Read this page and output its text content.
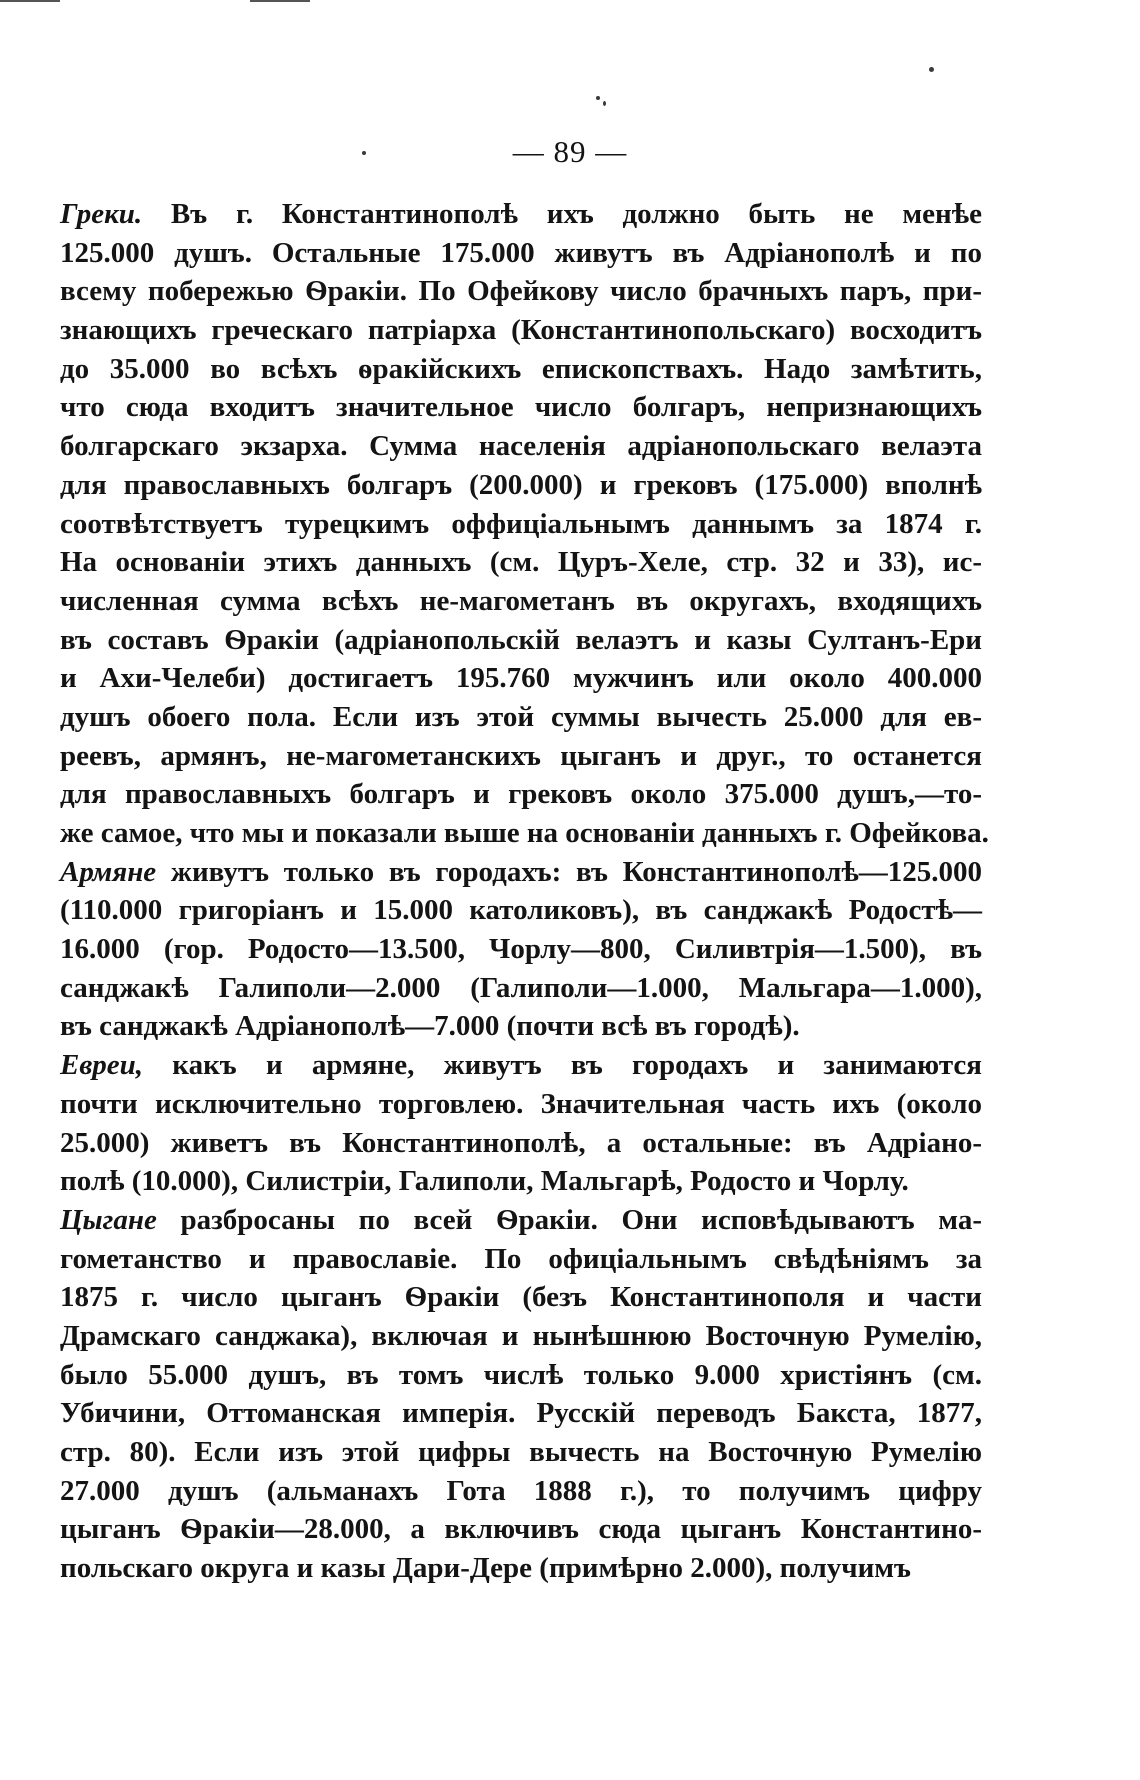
— 89 —
Греки. Въ г. Константинополѣ ихъ должно быть не менѣе
125.000 душъ. Остальные 175.000 живутъ въ Адріанополѣ и по
всему побережью Ѳракіи. По Офейкову число брачныхъ паръ, при-
знающихъ греческаго патріарха (Константинопольскаго) восходитъ
до 35.000 во всѣхъ ѳракійскихъ епископствахъ. Надо замѣтить,
что сюда входитъ значительное число болгаръ, непризнающихъ
болгарскаго экзарха. Сумма населенія адріанопольскаго велаэта
для православныхъ болгаръ (200.000) и грековъ (175.000) вполнѣ
соотвѣтствуетъ турецкимъ оффиціальнымъ даннымъ за 1874 г.
На основаніи этихъ данныхъ (см. Цуръ-Хеле, стр. 32 и 33), ис-
численная сумма всѣхъ не-магометанъ въ округахъ, входящихъ
въ составъ Ѳракіи (адріанопольскій велаэтъ и казы Султанъ-Ери
и Ахи-Челеби) достигаетъ 195.760 мужчинъ или около 400.000
душъ обоего пола. Если изъ этой суммы вычесть 25.000 для ев-
реевъ, армянъ, не-магометанскихъ цыганъ и друг., то останется
для православныхъ болгаръ и грековъ около 375.000 душъ,—то-
же самое, что мы и показали выше на основаніи данныхъ г. Офейкова.
Армяне живутъ только въ городахъ: въ Константинополѣ—125.000
(110.000 григоріанъ и 15.000 католиковъ), въ санджакѣ Родостѣ—
16.000 (гор. Родосто—13.500, Чорлу—800, Силивтрія—1.500), въ
санджакѣ Галиполи—2.000 (Галиполи—1.000, Мальгара—1.000),
въ санджакѣ Адріанополѣ—7.000 (почти всѣ въ городѣ).
Евреи, какъ и армяне, живутъ въ городахъ и занимаются
почти исключительно торговлею. Значительная часть ихъ (около
25.000) живетъ въ Константинополѣ, а остальные: въ Адріано-
полѣ (10.000), Силистріи, Галиполи, Мальгарѣ, Родосто и Чорлу.
Цыгане разбросаны по всей Ѳракіи. Они исповѣдываютъ ма-
гометанство и православіе. По офиціальнымъ свѣдѣніямъ за
1875 г. число цыганъ Ѳракіи (безъ Константинополя и части
Драмскаго санджака), включая и нынѣшнюю Восточную Румелію,
было 55.000 душъ, въ томъ числѣ только 9.000 христіянъ (см.
Убичини, Оттоманская имперія. Русскій переводъ Бакста, 1877,
стр. 80). Если изъ этой цифры вычесть на Восточную Румелію
27.000 душъ (альманахъ Гота 1888 г.), то получимъ цифру
цыганъ Ѳракіи—28.000, а включивъ сюда цыганъ Константино-
польскаго округа и казы Дари-Дере (примѣрно 2.000), получимъ
